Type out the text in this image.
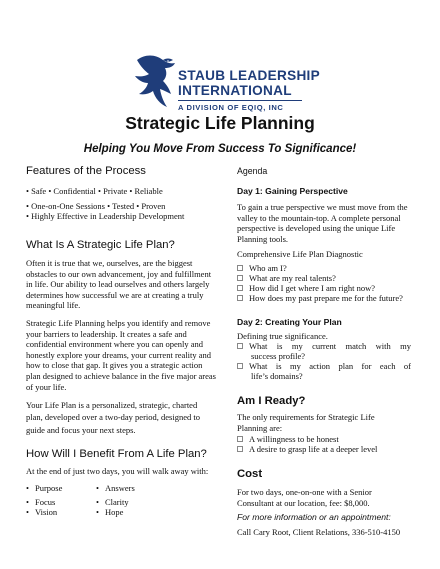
STAUB LEADERSHIP
INTERNATIONAL
A DIVISION OF EQIQ, INC
Strategic Life Planning
Helping You Move From Success To Significance!
Features of the Process
• Safe • Confidential • Private • Reliable
• One-on-One Sessions • Tested • Proven
• Highly Effective in Leadership Development
What Is A Strategic Life Plan?
Often it is true that we, ourselves, are the biggest obstacles to our own advancement, joy and fulfillment in life. Our ability to lead ourselves and others largely determines how successful we are at creating a truly meaningful life.
Strategic Life Planning helps you identify and remove your barriers to leadership. It creates a safe and confidential environment where you can openly and honestly explore your dreams, your current reality and how to close that gap. It gives you a strategic action plan designed to achieve balance in the five major areas of your life.
Your Life Plan is a personalized, strategic, charted plan, developed over a two-day period, designed to guide and focus your next steps.
How Will I Benefit From A Life Plan?
At the end of just two days, you will walk away with:
• Purpose	• Answers
• Focus	• Clarity
• Vision	• Hope
Agenda
Day 1: Gaining Perspective
To gain a true perspective we must move from the valley to the mountain-top. A complete personal perspective is developed using the unique Life Planning tools.
Comprehensive Life Plan Diagnostic
Who am I?
What are my real talents?
How did I get where I am right now?
How does my past prepare me for the future?
Day 2: Creating Your Plan
Defining true significance.
What is my current match with my
success profile?
What is my action plan for each of
life’s domains?
Am I Ready?
The only requirements for Strategic Life Planning are:
A willingness to be honest
A desire to grasp life at a deeper level
Cost
For two days, one-on-one with a Senior Consultant at our location, fee: $8,000.
For more information or an appointment:
Call Cary Root, Client Relations, 336-510-4150
